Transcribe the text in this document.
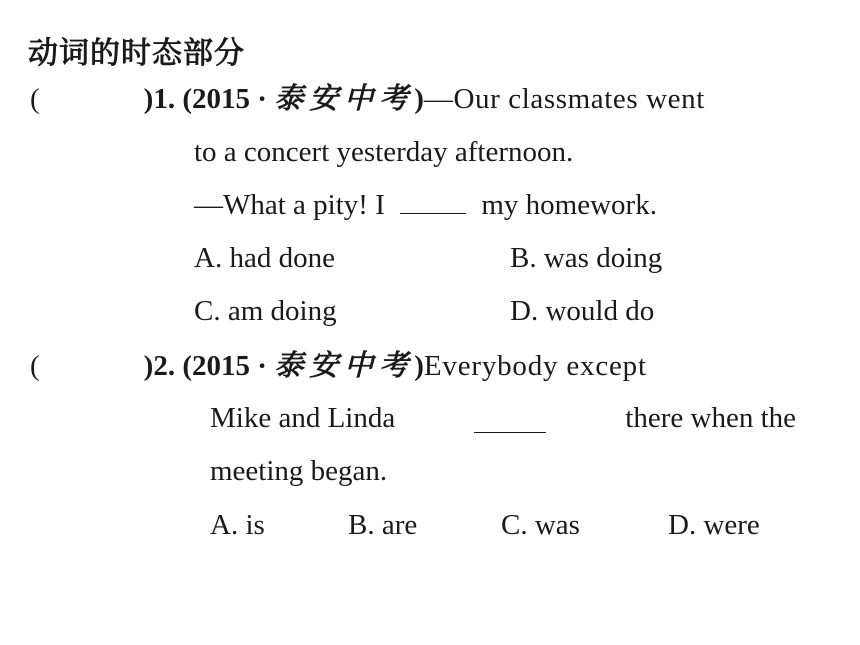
动词的时态部分
(	)1. (2015 · 泰安中考)—Our classmates went
to a concert yesterday afternoon.
—What a pity! I	my homework.
A. had done	B. was doing
C. am doing	D. would do
(	)2. (2015 · 泰安中考)Everybody except
Mike and Linda	there when the
meeting began.
A. is	B. are	C. was	D. were
